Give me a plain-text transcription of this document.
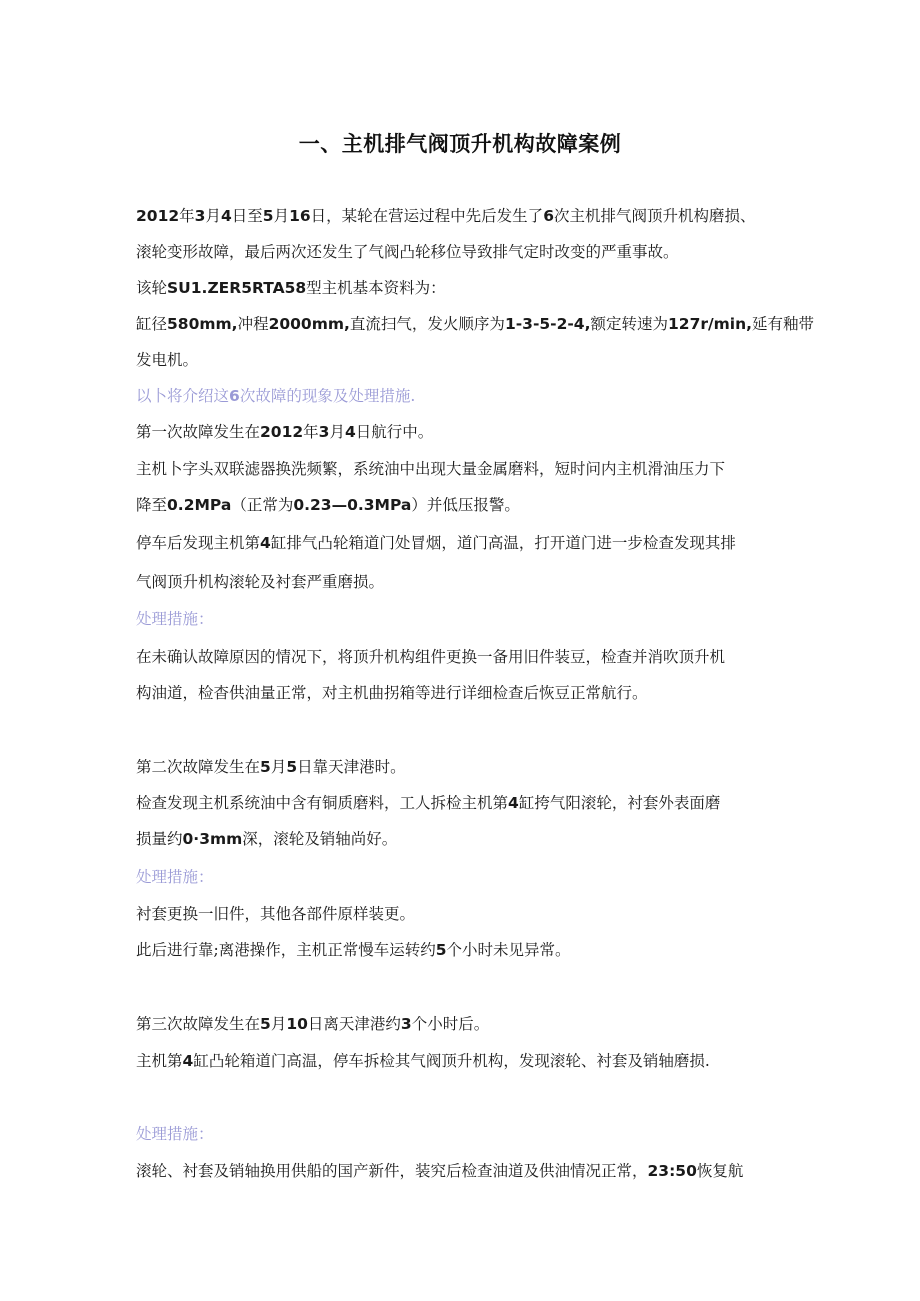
一、主机排气阀顶升机构故障案例
2012年3月4日至5月16日，某轮在营运过程中先后发生了6次主机排气阀顶升机构磨损、
滚轮变形故障，最后两次还发生了气阀凸轮移位导致排气定时改变的严重事故。
该轮SU1.ZER5RTA58型主机基本资料为：
缸径580mm,冲程2000mm,直流扫气，发火顺序为1-3-5-2-4,额定转速为127r/min,延有釉带
发电机。
以卜将介绍这6次故障的现象及处理措施.
第一次故障发生在2012年3月4日航行中。
主机卜字头双联滤器换洗频繁，系统油中出现大量金属磨料，短时问内主机滑油压力下
降至0.2MPa（正常为0.23—0.3MPa）并低压报警。
停车后发现主机第4缸排气凸轮箱道门处冒烟，道门高温，打开道门进一步检查发现其排
气阀顶升机构滚轮及衬套严重磨损。
处理措施：
在未确认故障原因的情况下，将顶升机构组件更换一备用旧件装豆，检查并消吹顶升机
构油道，检杳供油量正常，对主机曲拐箱等进行详细检查后恢豆正常航行。
第二次故障发生在5月5日靠天津港时。
检查发现主机系统油中含有铜质磨料，工人拆检主机第4缸挎气阳滚轮，衬套外表面磨
损量约0·3mm深，滚轮及销轴尚好。
处理措施：
衬套更换一旧件，其他各部件原样装更。
此后进行靠;离港操作，主机正常慢车运转约5个小时未见异常。
第三次故障发生在5月10日离天津港约3个小时后。
主机第4缸凸轮箱道门高温，停车拆检其气阀顶升机构，发现滚轮、衬套及销轴磨损.
处理措施：
滚轮、衬套及销轴换用供船的国产新件，装究后检查油道及供油情况正常，23:50恢复航
